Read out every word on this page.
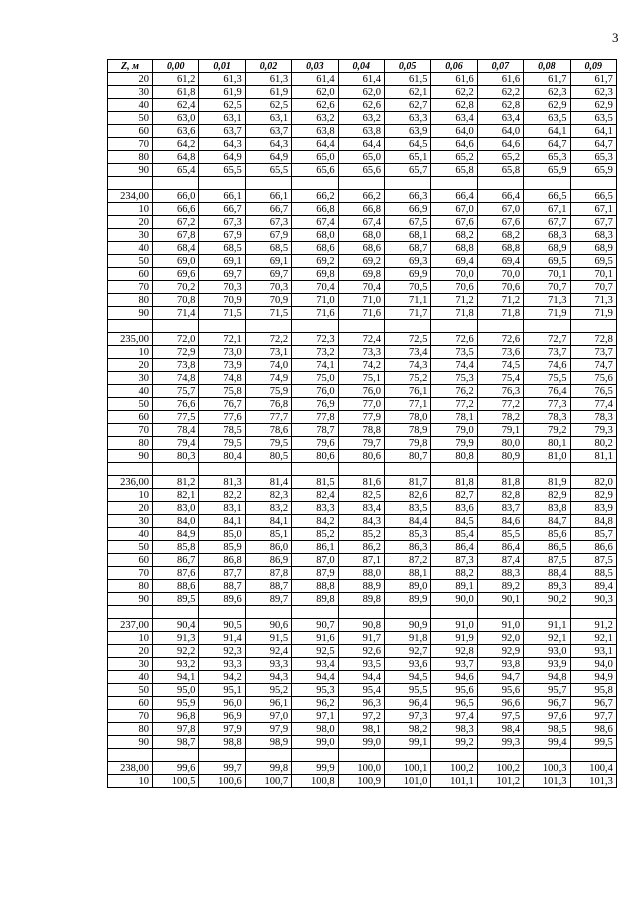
3
Z, м	0,00	0,01	0,02	0,03	0,04	0,05	0,06	0,07	0,08	0,09
20	61,2	61,3	61,3	61,4	61,4	61,5	61,6	61,6	61,7	61,7
30	61,8	61,9	61,9	62,0	62,0	62,1	62,2	62,2	62,3	62,3
40	62,4	62,5	62,5	62,6	62,6	62,7	62,8	62,8	62,9	62,9
50	63,0	63,1	63,1	63,2	63,2	63,3	63,4	63,4	63,5	63,5
60	63,6	63,7	63,7	63,8	63,8	63,9	64,0	64,0	64,1	64,1
70	64,2	64,3	64,3	64,4	64,4	64,5	64,6	64,6	64,7	64,7
80	64,8	64,9	64,9	65,0	65,0	65,1	65,2	65,2	65,3	65,3
90	65,4	65,5	65,5	65,6	65,6	65,7	65,8	65,8	65,9	65,9

234,00	66,0	66,1	66,1	66,2	66,2	66,3	66,4	66,4	66,5	66,5
10	66,6	66,7	66,7	66,8	66,8	66,9	67,0	67,0	67,1	67,1
20	67,2	67,3	67,3	67,4	67,4	67,5	67,6	67,6	67,7	67,7
30	67,8	67,9	67,9	68,0	68,0	68,1	68,2	68,2	68,3	68,3
40	68,4	68,5	68,5	68,6	68,6	68,7	68,8	68,8	68,9	68,9
50	69,0	69,1	69,1	69,2	69,2	69,3	69,4	69,4	69,5	69,5
60	69,6	69,7	69,7	69,8	69,8	69,9	70,0	70,0	70,1	70,1
70	70,2	70,3	70,3	70,4	70,4	70,5	70,6	70,6	70,7	70,7
80	70,8	70,9	70,9	71,0	71,0	71,1	71,2	71,2	71,3	71,3
90	71,4	71,5	71,5	71,6	71,6	71,7	71,8	71,8	71,9	71,9

235,00	72,0	72,1	72,2	72,3	72,4	72,5	72,6	72,6	72,7	72,8
10	72,9	73,0	73,1	73,2	73,3	73,4	73,5	73,6	73,7	73,7
20	73,8	73,9	74,0	74,1	74,2	74,3	74,4	74,5	74,6	74,7
30	74,8	74,8	74,9	75,0	75,1	75,2	75,3	75,4	75,5	75,6
40	75,7	75,8	75,9	76,0	76,0	76,1	76,2	76,3	76,4	76,5
50	76,6	76,7	76,8	76,9	77,0	77,1	77,2	77,2	77,3	77,4
60	77,5	77,6	77,7	77,8	77,9	78,0	78,1	78,2	78,3	78,3
70	78,4	78,5	78,6	78,7	78,8	78,9	79,0	79,1	79,2	79,3
80	79,4	79,5	79,5	79,6	79,7	79,8	79,9	80,0	80,1	80,2
90	80,3	80,4	80,5	80,6	80,6	80,7	80,8	80,9	81,0	81,1

236,00	81,2	81,3	81,4	81,5	81,6	81,7	81,8	81,8	81,9	82,0
10	82,1	82,2	82,3	82,4	82,5	82,6	82,7	82,8	82,9	82,9
20	83,0	83,1	83,2	83,3	83,4	83,5	83,6	83,7	83,8	83,9
30	84,0	84,1	84,1	84,2	84,3	84,4	84,5	84,6	84,7	84,8
40	84,9	85,0	85,1	85,2	85,2	85,3	85,4	85,5	85,6	85,7
50	85,8	85,9	86,0	86,1	86,2	86,3	86,4	86,4	86,5	86,6
60	86,7	86,8	86,9	87,0	87,1	87,2	87,3	87,4	87,5	87,5
70	87,6	87,7	87,8	87,9	88,0	88,1	88,2	88,3	88,4	88,5
80	88,6	88,7	88,7	88,8	88,9	89,0	89,1	89,2	89,3	89,4
90	89,5	89,6	89,7	89,8	89,8	89,9	90,0	90,1	90,2	90,3

237,00	90,4	90,5	90,6	90,7	90,8	90,9	91,0	91,0	91,1	91,2
10	91,3	91,4	91,5	91,6	91,7	91,8	91,9	92,0	92,1	92,1
20	92,2	92,3	92,4	92,5	92,6	92,7	92,8	92,9	93,0	93,1
30	93,2	93,3	93,3	93,4	93,5	93,6	93,7	93,8	93,9	94,0
40	94,1	94,2	94,3	94,4	94,4	94,5	94,6	94,7	94,8	94,9
50	95,0	95,1	95,2	95,3	95,4	95,5	95,6	95,6	95,7	95,8
60	95,9	96,0	96,1	96,2	96,3	96,4	96,5	96,6	96,7	96,7
70	96,8	96,9	97,0	97,1	97,2	97,3	97,4	97,5	97,6	97,7
80	97,8	97,9	97,9	98,0	98,1	98,2	98,3	98,4	98,5	98,6
90	98,7	98,8	98,9	99,0	99,0	99,1	99,2	99,3	99,4	99,5

238,00	99,6	99,7	99,8	99,9	100,0	100,1	100,2	100,2	100,3	100,4
10	100,5	100,6	100,7	100,8	100,9	101,0	101,1	101,2	101,3	101,3
